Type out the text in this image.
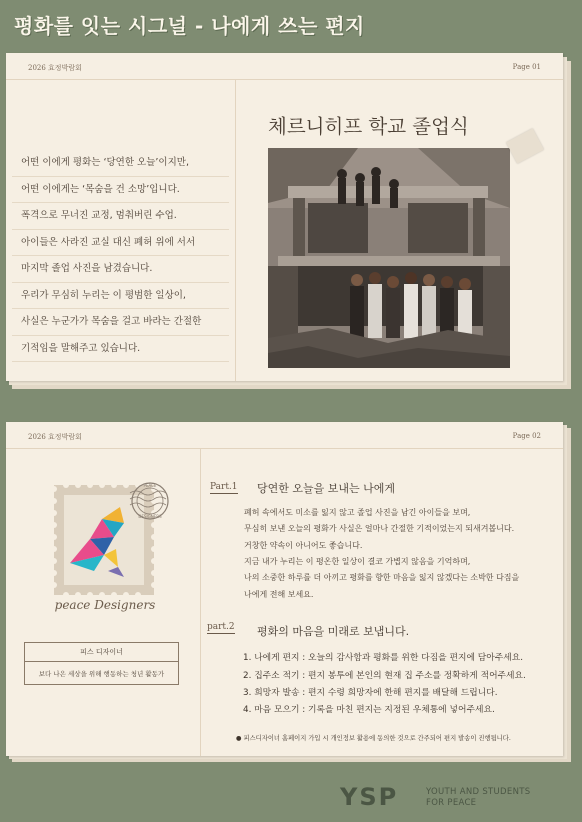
평화를 잇는 시그널 - 나에게 쓰는 편지
2026 효정박람회	Page 01
어떤 이에게 평화는 ‘당연한 오늘’이지만,
어떤 이에게는 ‘목숨을 건 소망’입니다.
폭격으로 무너진 교정, 멈춰버린 수업.
아이들은 사라진 교실 대신 폐허 위에 서서
마지막 졸업 사진을 남겼습니다.
우리가 무심히 누리는 이 평범한 일상이,
사실은 누군가가 목숨을 걸고 바라는 간절한
기적임을 말해주고 있습니다.
체르니히프 학교 졸업식
2026 효정박람회	Page 02
PEACE
DESIGNERS
peace Designers
피스 디자이너
보다 나은 세상을 위해 행동하는 청년 활동가
Part.1 당연한 오늘을 보내는 나에게
폐허 속에서도 미소를 잃지 않고 졸업 사진을 남긴 아이들을 보며,
무심히 보낸 오늘의 평화가 사실은 얼마나 간절한 기적이었는지 되새겨봅니다.
거창한 약속이 아니어도 좋습니다.
지금 내가 누리는 이 평온한 일상이 결코 가볍지 않음을 기억하며,
나의 소중한 하루를 더 아끼고 평화를 향한 마음을 잃지 않겠다는 소박한 다짐을
나에게 전해 보세요.
part.2 평화의 마음을 미래로 보냅니다.
1. 나에게 편지 : 오늘의 감사함과 평화를 위한 다짐을 편지에 담아주세요.
2. 집주소 적기 : 편지 봉투에 본인의 현재 집 주소를 정확하게 적어주세요.
3. 희망자 발송 : 편지 수령 희망자에 한해 편지를 배달해 드립니다.
4. 마음 모으기 : 기록을 마친 편지는 지정된 우체통에 넣어주세요.
● 피스디자이너 홈페이지 가입 시 개인정보 활용에 동의한 것으로 간주되어 편지 발송이 진행됩니다.
YSP	YOUTH AND STUDENTS
FOR PEACE
